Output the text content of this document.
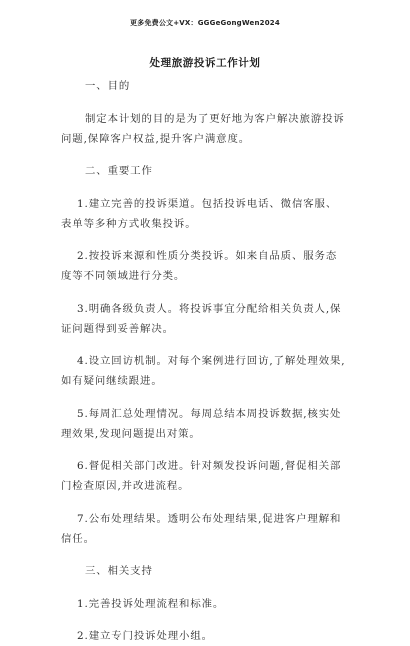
更多免费公文+VX：GGGeGongWen2024
处理旅游投诉工作计划
一、目的
制定本计划的目的是为了更好地为客户解决旅游投诉
问题,保障客户权益,提升客户满意度。
二、重要工作
1.建立完善的投诉渠道。包括投诉电话、微信客服、
表单等多种方式收集投诉。
2.按投诉来源和性质分类投诉。如来自品质、服务态
度等不同领域进行分类。
3.明确各级负责人。将投诉事宜分配给相关负责人,保
证问题得到妥善解决。
4.设立回访机制。对每个案例进行回访,了解处理效果,
如有疑问继续跟进。
5.每周汇总处理情况。每周总结本周投诉数据,核实处
理效果,发现问题提出对策。
6.督促相关部门改进。针对频发投诉问题,督促相关部
门检查原因,并改进流程。
7.公布处理结果。透明公布处理结果,促进客户理解和
信任。
三、相关支持
1.完善投诉处理流程和标准。
2.建立专门投诉处理小组。
